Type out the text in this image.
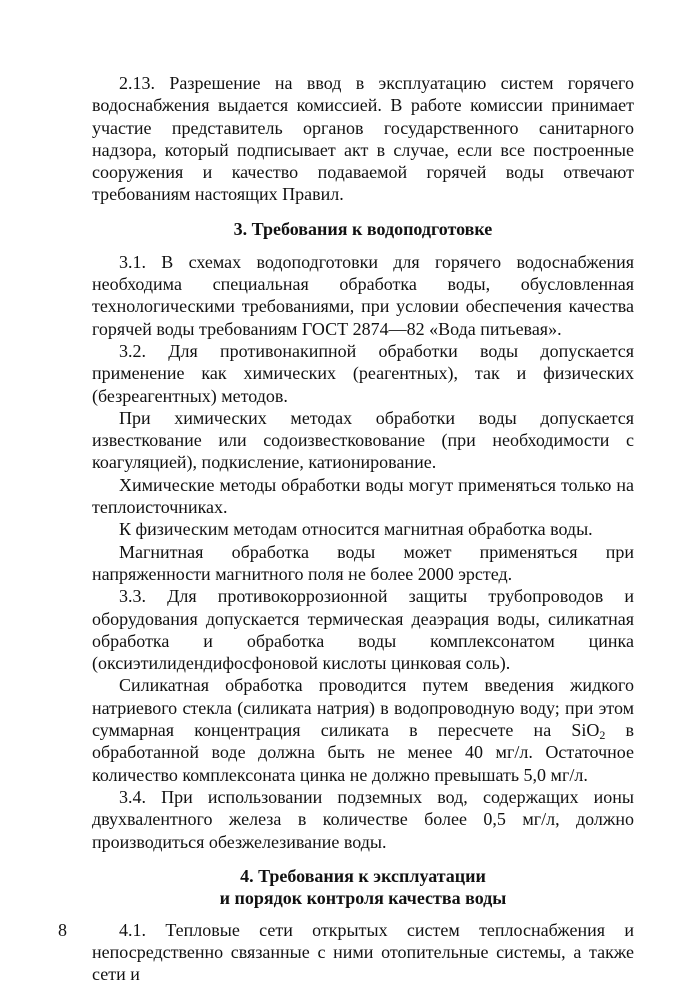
2.13. Разрешение на ввод в эксплуатацию систем горячего водоснабжения выдается комиссией. В работе комиссии принимает участие представитель органов государственного санитарного надзора, который подписывает акт в случае, если все построенные сооружения и качество подаваемой горячей воды отвечают требованиям настоящих Правил.

3. Требования к водоподготовке

3.1. В схемах водоподготовки для горячего водоснабжения необходима специальная обработка воды, обусловленная технологическими требованиями, при условии обеспечения качества горячей воды требованиям ГОСТ 2874—82 «Вода питьевая».

3.2. Для противонакипной обработки воды допускается применение как химических (реагентных), так и физических (безреагентных) методов.

При химических методах обработки воды допускается известкование или содоизвестковование (при необходимости с коагуляцией), подкисление, катионирование.

Химические методы обработки воды могут применяться только на теплоисточниках.

К физическим методам относится магнитная обработка воды.

Магнитная обработка воды может применяться при напряженности магнитного поля не более 2000 эрстед.

3.3. Для противокоррозионной защиты трубопроводов и оборудования допускается термическая деаэрация воды, силикатная обработка и обработка воды комплексонатом цинка (оксиэтилидендифосфоновой кислоты цинковая соль).

Силикатная обработка проводится путем введения жидкого натриевого стекла (силиката натрия) в водопроводную воду; при этом суммарная концентрация силиката в пересчете на SiO$_2$ в обработанной воде должна быть не менее 40 мг/л. Остаточное количество комплексоната цинка не должно превышать 5,0 мг/л.

3.4. При использовании подземных вод, содержащих ионы двухвалентного железа в количестве более 0,5 мг/л, должно производиться обезжелезивание воды.

4. Требования к эксплуатации
и порядок контроля качества воды

4.1. Тепловые сети открытых систем теплоснабжения и непосредственно связанные с ними отопительные системы, а также сети и

8
